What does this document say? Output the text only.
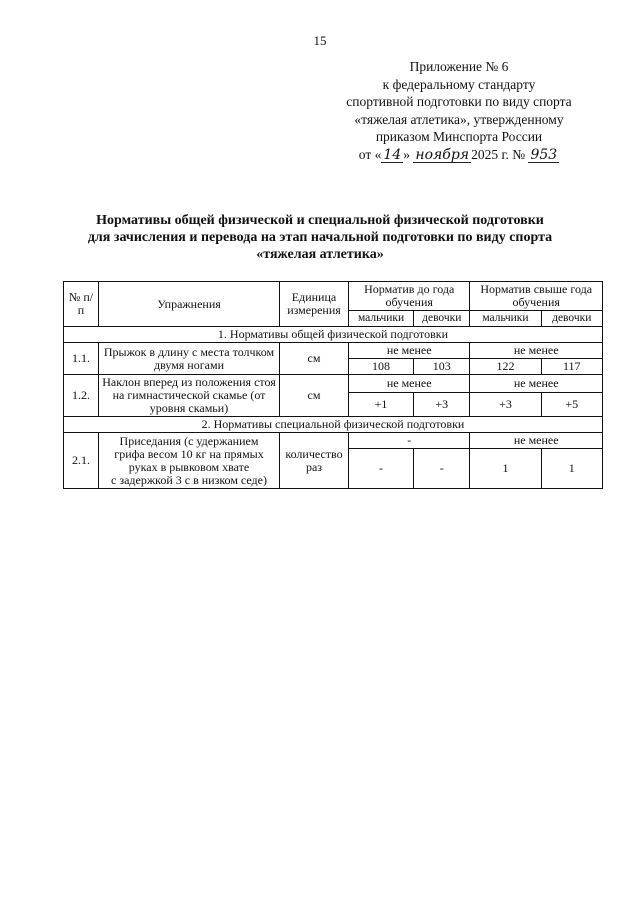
15
Приложение № 6
к федеральному стандарту
спортивной подготовки по виду спорта
«тяжелая атлетика», утвержденному
приказом Минспорта России
от « 14 » ноября 2025 г. № 953
Нормативы общей физической и специальной физической подготовки
для зачисления и перевода на этап начальной подготовки по виду спорта
«тяжелая атлетика»
№ п/п	Упражнения	Единица измерения	Норматив до года обучения		Норматив свыше года обучения	
			мальчики	девочки	мальчики	девочки
1. Нормативы общей физической подготовки						
1.1.	Прыжок в длину с места толчком двумя ногами	см	не менее		не менее	
			108	103	122	117
1.2.	Наклон вперед из положения стоя на гимнастической скамье (от уровня скамьи)	см	не менее		не менее	
			+1	+3	+3	+5
2. Нормативы специальной физической подготовки						
2.1.	Приседания (с удержанием
грифа весом 10 кг на прямых
руках в рывковом хвате
с задержкой 3 с в низком седе)	количество раз	-		не менее	
			-	-	1	1
